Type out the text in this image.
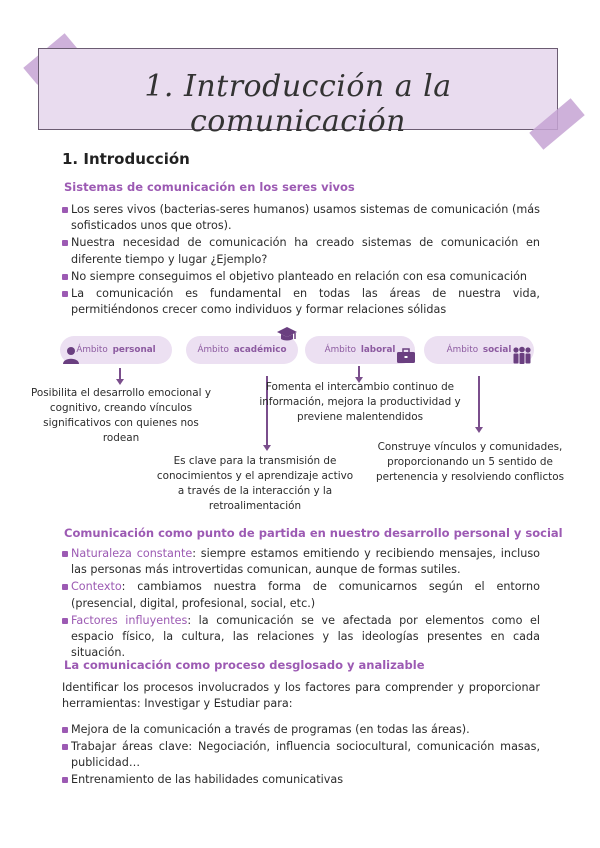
1. Introducción a la comunicación
1. Introducción
Sistemas de comunicación en los seres vivos
Los seres vivos (bacterias-seres humanos) usamos sistemas de comunicación (más sofisticados unos que otros).
Nuestra necesidad de comunicación ha creado sistemas de comunicación en diferente tiempo y lugar ¿Ejemplo?
No siempre conseguimos el objetivo planteado en relación con esa comunicación
La comunicación es fundamental en todas las áreas de nuestra vida, permitiéndonos crecer como individuos y formar relaciones sólidas
Ámbito
personal	Ámbito
académico	Ámbito
laboral	Ámbito
social
Posibilita el desarrollo emocional y cognitivo, creando vínculos significativos con quienes nos rodean
Es clave para la transmisión de conocimientos y el aprendizaje activo a través de la interacción y la retroalimentación
Fomenta el intercambio continuo de información, mejora la productividad y previene malentendidos
Construye vínculos y comunidades, proporcionando un 5 sentido de pertenencia y resolviendo conflictos
Comunicación como punto de partida en nuestro desarrollo personal y social
Naturaleza constante: siempre estamos emitiendo y recibiendo mensajes, incluso las personas más introvertidas comunican, aunque de formas sutiles.
Contexto: cambiamos nuestra forma de comunicarnos según el entorno (presencial, digital, profesional, social, etc.)
Factores influyentes: la comunicación se ve afectada por elementos como el espacio físico, la cultura, las relaciones y las ideologías presentes en cada situación.
La comunicación como proceso desglosado y analizable
Identificar los procesos involucrados y los factores para comprender y proporcionar herramientas: Investigar y Estudiar para:
Mejora de la comunicación a través de programas (en todas las áreas).
Trabajar áreas clave: Negociación, influencia sociocultural, comunicación masas, publicidad…
Entrenamiento de las habilidades comunicativas
